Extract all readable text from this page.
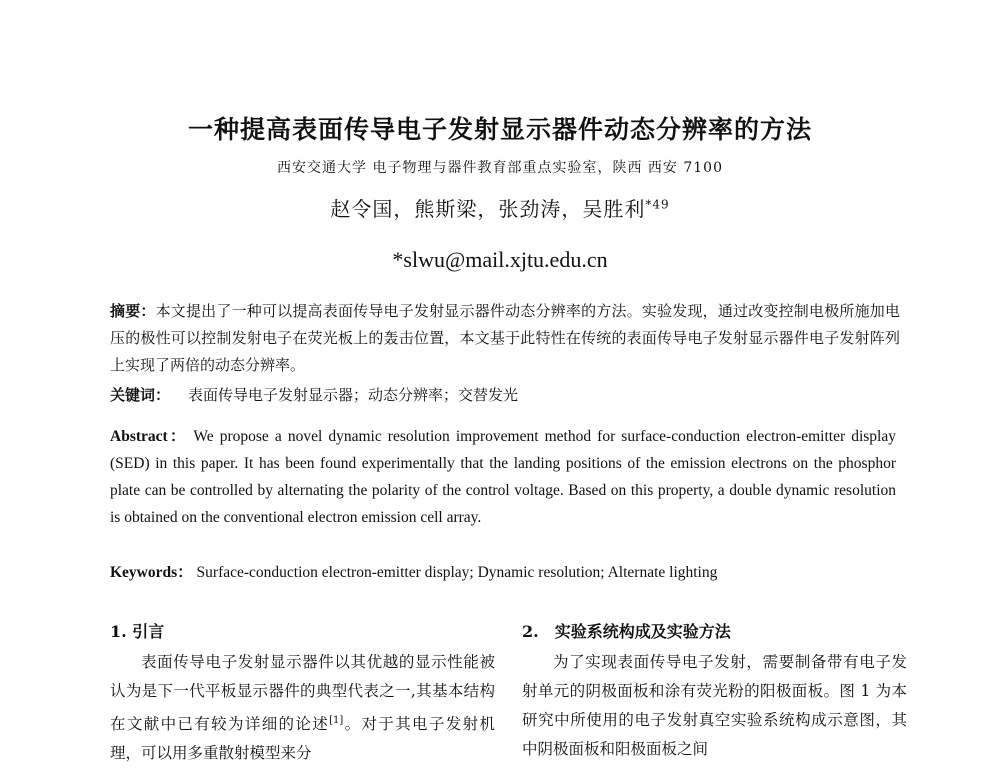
一种提高表面传导电子发射显示器件动态分辨率的方法
西安交通大学 电子物理与器件教育部重点实验室，陕西 西安 7100
赵令国，熊斯梁，张劲涛，吴胜利$^{*49}$
*slwu@mail.xjtu.edu.cn
摘要：本文提出了一种可以提高表面传导电子发射显示器件动态分辨率的方法。实验发现，通过改变控制电极所施加电压的极性可以控制发射电子在荧光板上的轰击位置，本文基于此特性在传统的表面传导电子发射显示器件电子发射阵列上实现了两倍的动态分辨率。
关键词： 表面传导电子发射显示器；动态分辨率；交替发光
Abstract： We propose a novel dynamic resolution improvement method for surface-conduction electron-emitter display (SED) in this paper. It has been found experimentally that the landing positions of the emission electrons on the phosphor plate can be controlled by alternating the polarity of the control voltage. Based on this property, a double dynamic resolution is obtained on the conventional electron emission cell array.
Keywords： Surface-conduction electron-emitter display; Dynamic resolution; Alternate lighting
1. 引言

表面传导电子发射显示器件以其优越的显示性能被认为是下一代平板显示器件的典型代表之一,其基本结构在文献中已有较为详细的论述[1]。对于其电子发射机理，可以用多重散射模型来分

2.　实验系统构成及实验方法

为了实现表面传导电子发射，需要制备带有电子发射单元的阴极面板和涂有荧光粉的阳极面板。图 1 为本研究中所使用的电子发射真空实验系统构成示意图，其中阴极面板和阳极面板之间
